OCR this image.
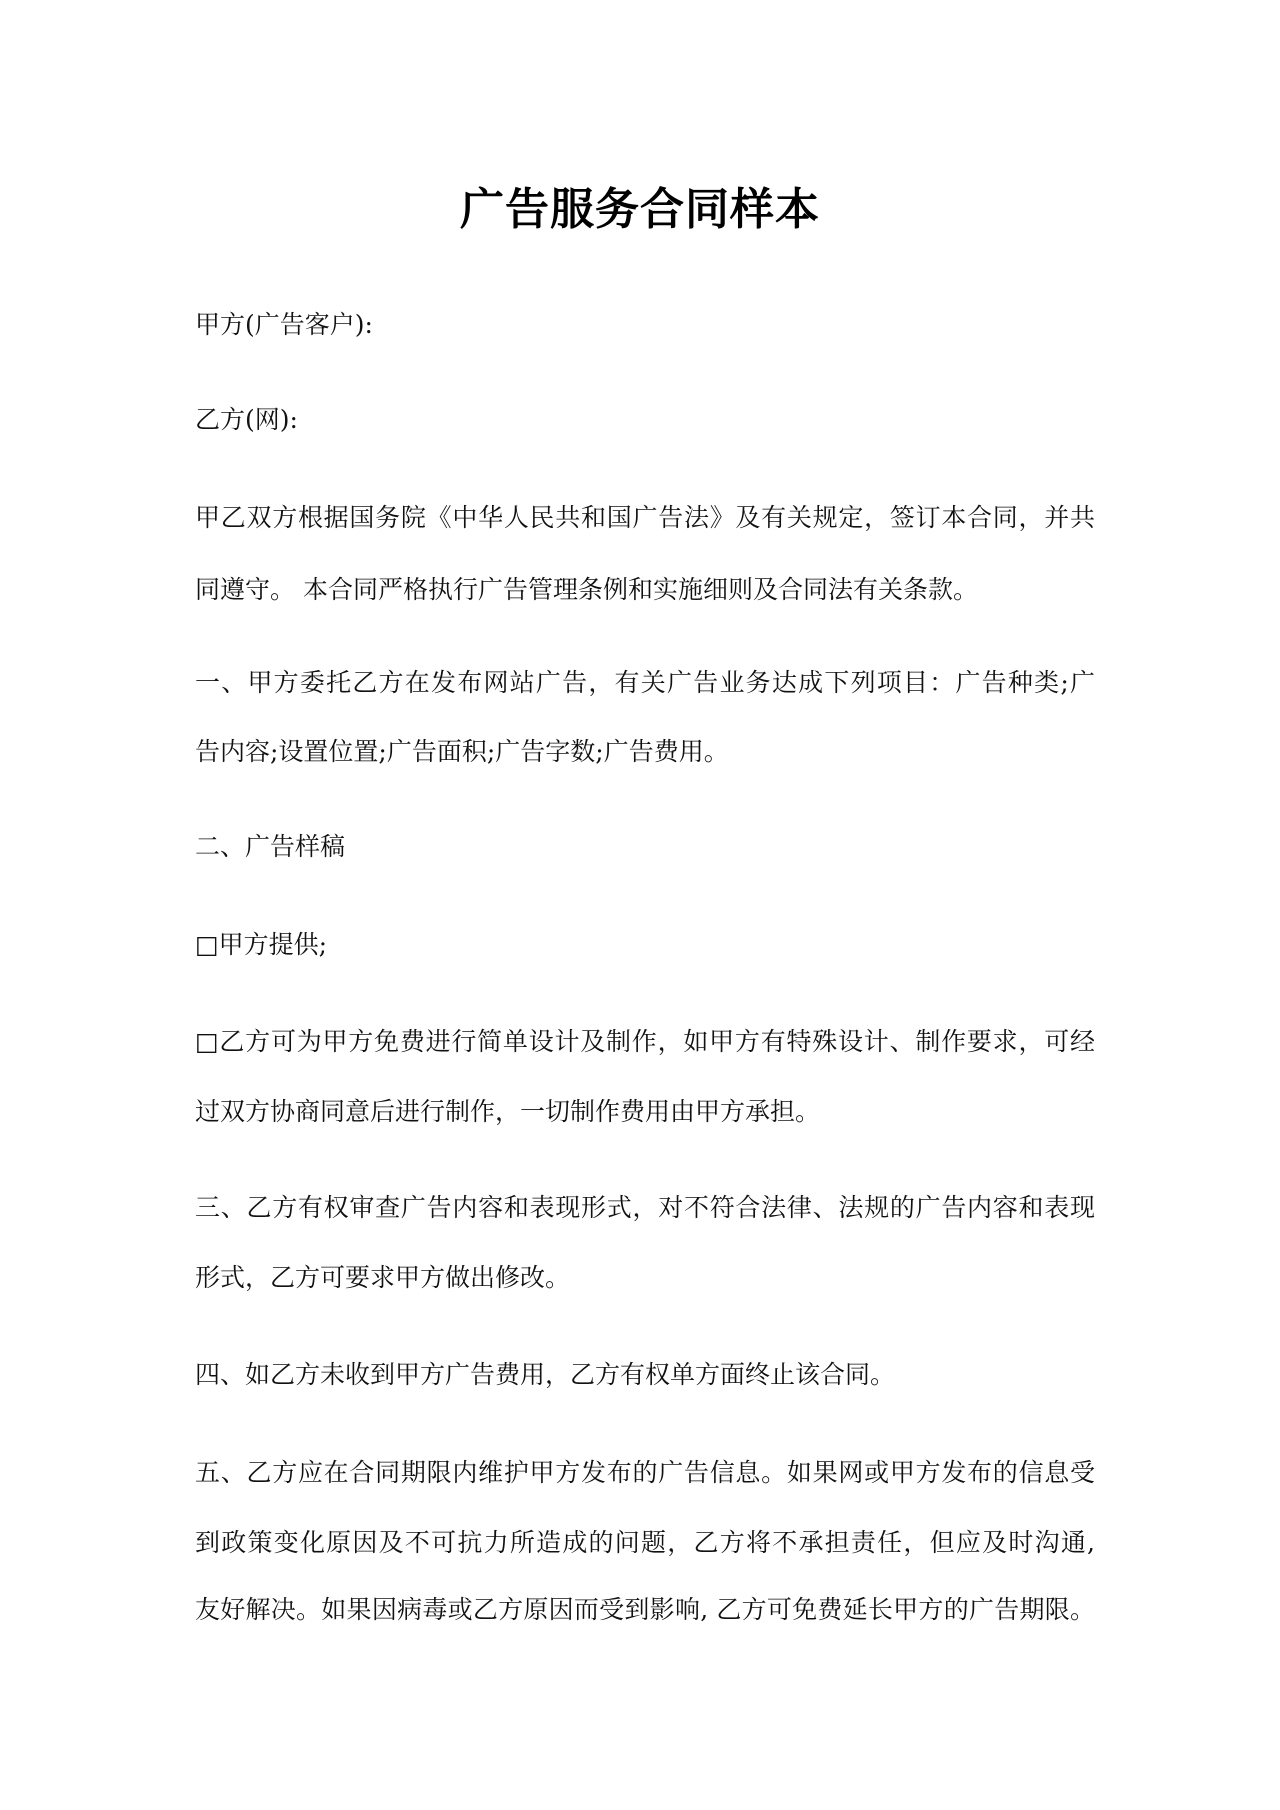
广告服务合同样本

甲方(广告客户):

乙方(网):

甲乙双方根据国务院《中华人民共和国广告法》及有关规定，签订本合同，并共

同遵守。 本合同严格执行广告管理条例和实施细则及合同法有关条款。

一、甲方委托乙方在发布网站广告，有关广告业务达成下列项目：广告种类;广

告内容;设置位置;广告面积;广告字数;广告费用。

二、广告样稿

□甲方提供;

□乙方可为甲方免费进行简单设计及制作，如甲方有特殊设计、制作要求，可经

过双方协商同意后进行制作，一切制作费用由甲方承担。

三、乙方有权审查广告内容和表现形式，对不符合法律、法规的广告内容和表现

形式，乙方可要求甲方做出修改。

四、如乙方未收到甲方广告费用，乙方有权单方面终止该合同。

五、乙方应在合同期限内维护甲方发布的广告信息。如果网或甲方发布的信息受

到政策变化原因及不可抗力所造成的问题，乙方将不承担责任，但应及时沟通,

友好解决。如果因病毒或乙方原因而受到影响, 乙方可免费延长甲方的广告期限。
